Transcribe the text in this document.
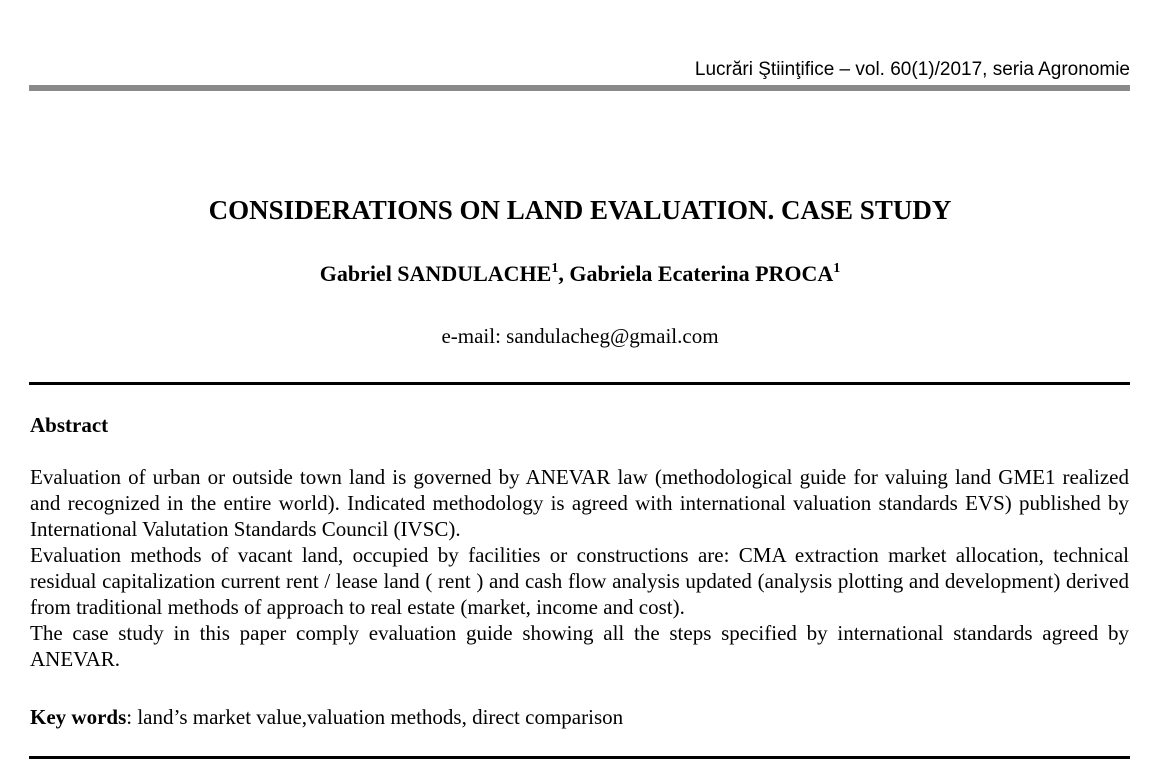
Lucrări Ştiinţifice – vol. 60(1)/2017, seria Agronomie
CONSIDERATIONS ON LAND EVALUATION. CASE STUDY
Gabriel SANDULACHE$^1$, Gabriela Ecaterina PROCA$^1$
e-mail: sandulacheg@gmail.com
Abstract

Evaluation of urban or outside town land is governed by ANEVAR law (methodological guide for valuing land GME1 realized and recognized in the entire world). Indicated methodology is agreed with international valuation standards EVS) published by International Valutation Standards Council (IVSC).

Evaluation methods of vacant land, occupied by facilities or constructions are: CMA extraction market allocation, technical residual capitalization current rent / lease land ( rent ) and cash flow analysis updated (analysis plotting and development) derived from traditional methods of approach to real estate (market, income and cost).

The case study in this paper comply evaluation guide showing all the steps specified by international standards agreed by ANEVAR.

Key words: land’s market value,valuation methods, direct comparison
